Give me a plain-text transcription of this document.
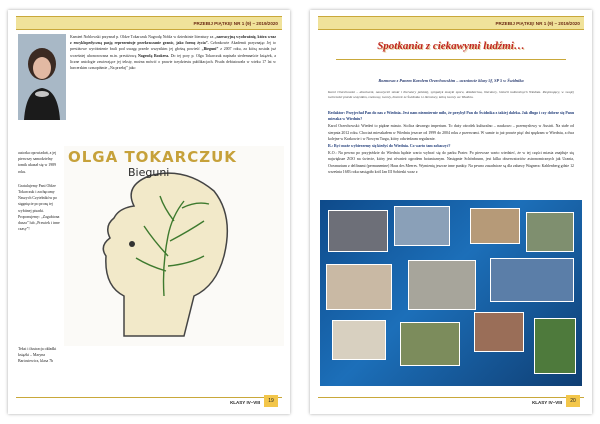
PRZEBIJ PIĄTKĘ! NR 1 (9) – 2019/2020

Kamień Noblowski przyznał p. Oldze Tokarczuk Nagrodę Nobla w dziedzinie literatury za „narracyjną wyobraźnię, która wraz z encyklopedyczną pasją reprezentuje przekraczanie granic, jako formę życia”. Członkowie Akademii przyznając Jej to prestiżowe wyróżnienie brali pod uwagę przede wszystkim jej głośną powieść „Bieguni” z 2007 roku, za którą została już wcześniej uhonorowana m.in. prestiżową Nagrodą Bookera. Do tej pory p. Olga Tokarczuk napisała siedemnaście książek, a liczne antologie zawierające jej teksty, można mówić o prawie trzydziestu publikacjach. Pisała debiutowała w wieku 17 lat w harcerskim czasopiśmie „Na przełaj” jako

autorka opowiadań, a jej pierwszy samodzielny tomik ukazał się w 1989 roku.

Gratulujemy Pani Oldze Tokarczuk i zachęcamy Naszych Czytelników po sięgnięcie po prozę tej wybitnej pisarki. Proponujemy: „Zagubiona dusza” lub „Prawiek i inne czasy”!

Tekst i ilustracja okładki książki – Maryna Bartosiewicz, klasa 7b
OLGA TOKARCZUK
Bieguni
KLASY IV–VIII	19
PRZEBIJ PIĄTKĘ! NR 1 (9) – 2019/2020
Spotkania z ciekawymi ludźmi…
Rozmowa z Panem Karolem Orzechowskim – uczniowie klasy 5f, SP 5 w Świdnika
Karol Orzechowski – absolwent, nauczyciel sztuki i literatury polskiej, sympatyk muzyki sporu, dziedzictwa, literatury, historii kulturalnych Wiednia. Pasjonujący, w swojej twórczości przede wszystkim, rozmowy, tworzy, historie ze Świdnika i z literatury, którą tworzy we Wiedniu.

Redaktor: Przyjechał Pan do nas z Wiednia. Jest nam niezmiernie miło, że przybył Pan do Świdnika z takiej daleka. Jak długo i czy dobrze się Panu mieszka w Wiedniu?

Karol Orzechowski: Wiedeń to piękne miasto. Stolica dawnego imperium. To duży ośrodek kulturalno – naukowo – przemysłowy w Austrii. Na stałe od sierpnia 2012 roku. Chociaż mieszkałem w Wiedniu jeszcze od 1999 do 2004 roku z przerwami. W sumie to już prawie pięć dni spędzam w Wiedniu, a dwa kolejne w Krakowie i w Nowym Targu, który odwiedzam regularnie.

R.: Być może wybierzemy się kiedyś do Wiednia. Co warto tam zobaczyć?

K.O.: Na pewno po przyjeździe do Wiednia będzie warto wybrać się do parku Prater. Po pierwsze warto wiedzieć, że w tej części miasta znajduje się największe ZOO na świecie, który jest również ogrodem botanicznym. Następnie Schönbrunn, jest kilka obserwatoriów astronomicznych jak Urania, Oceanarium z delfinami (permanentne) Haus des Meeres. Wymienię jeszcze inne punkty. Na pewno zasadnicze są dla zabawy Wagnera: Kahlenberg gdzie 12 września 1683 roku nastąpiło król Jan III Sobieski wraz z

KLASY IV–VIII	20
